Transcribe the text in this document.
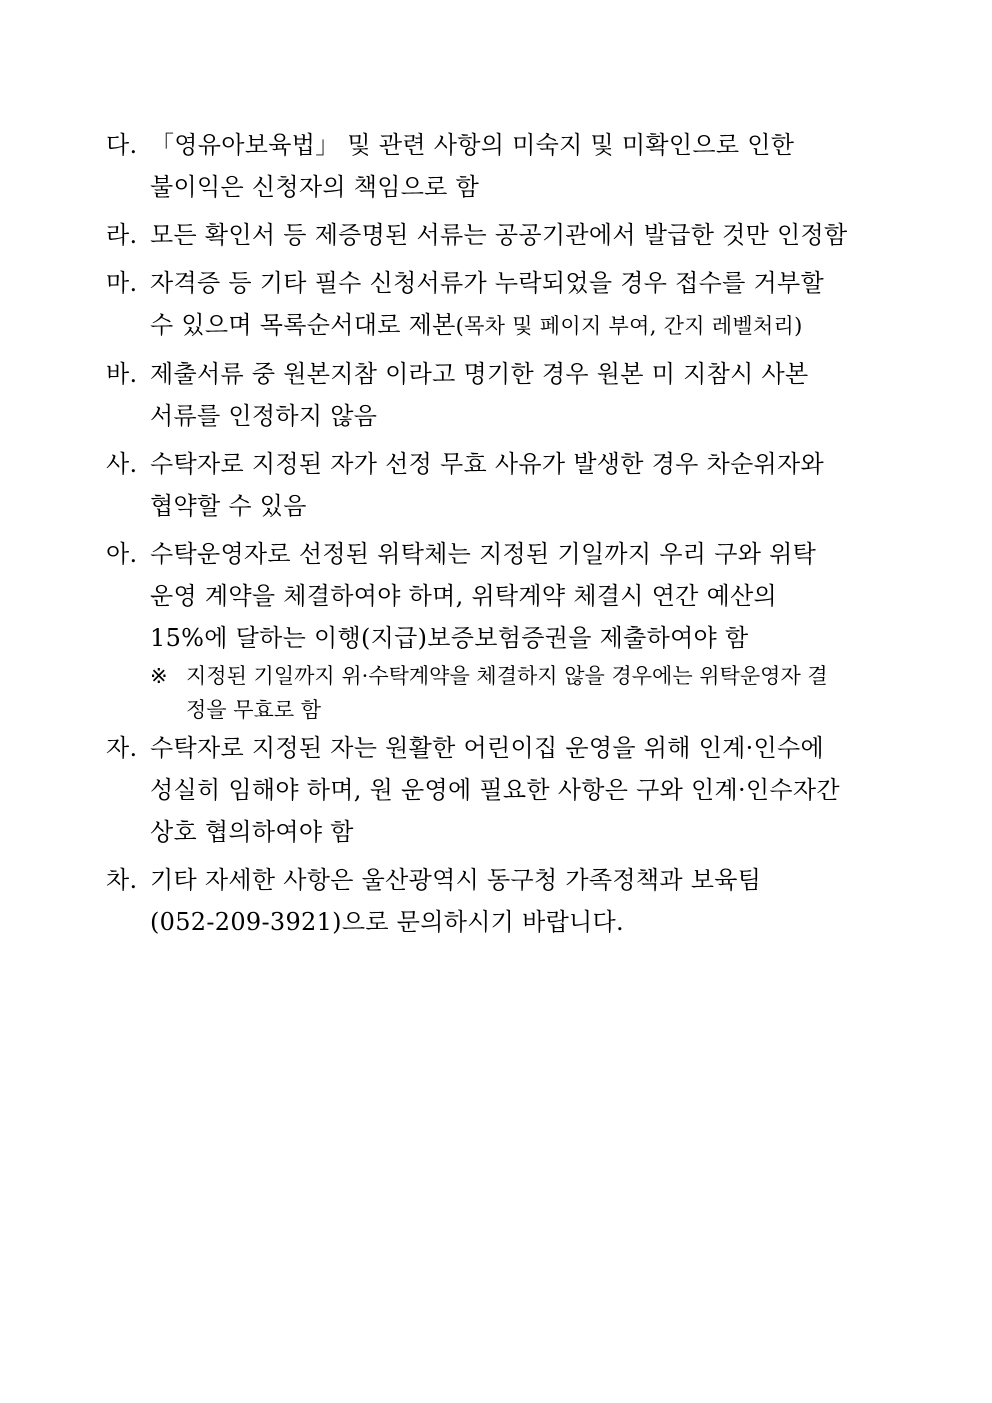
다. 「영유아보육법」 및 관련 사항의 미숙지 및 미확인으로 인한
불이익은 신청자의 책임으로 함
라. 모든 확인서 등 제증명된 서류는 공공기관에서 발급한 것만 인정함
마. 자격증 등 기타 필수 신청서류가 누락되었을 경우 접수를 거부할
수 있으며 목록순서대로 제본(목차 및 페이지 부여, 간지 레벨처리)
바. 제출서류 중 원본지참 이라고 명기한 경우 원본 미 지참시 사본
서류를 인정하지 않음
사. 수탁자로 지정된 자가 선정 무효 사유가 발생한 경우 차순위자와
협약할 수 있음
아. 수탁운영자로 선정된 위탁체는 지정된 기일까지 우리 구와 위탁
운영 계약을 체결하여야 하며, 위탁계약 체결시 연간 예산의
15%에 달하는 이행(지급)보증보험증권을 제출하여야 함
※ 지정된 기일까지 위·수탁계약을 체결하지 않을 경우에는 위탁운영자 결
정을 무효로 함
자. 수탁자로 지정된 자는 원활한 어린이집 운영을 위해 인계·인수에
성실히 임해야 하며, 원 운영에 필요한 사항은 구와 인계·인수자간
상호 협의하여야 함
차. 기타 자세한 사항은 울산광역시 동구청 가족정책과 보육팀
(052-209-3921)으로 문의하시기 바랍니다.
